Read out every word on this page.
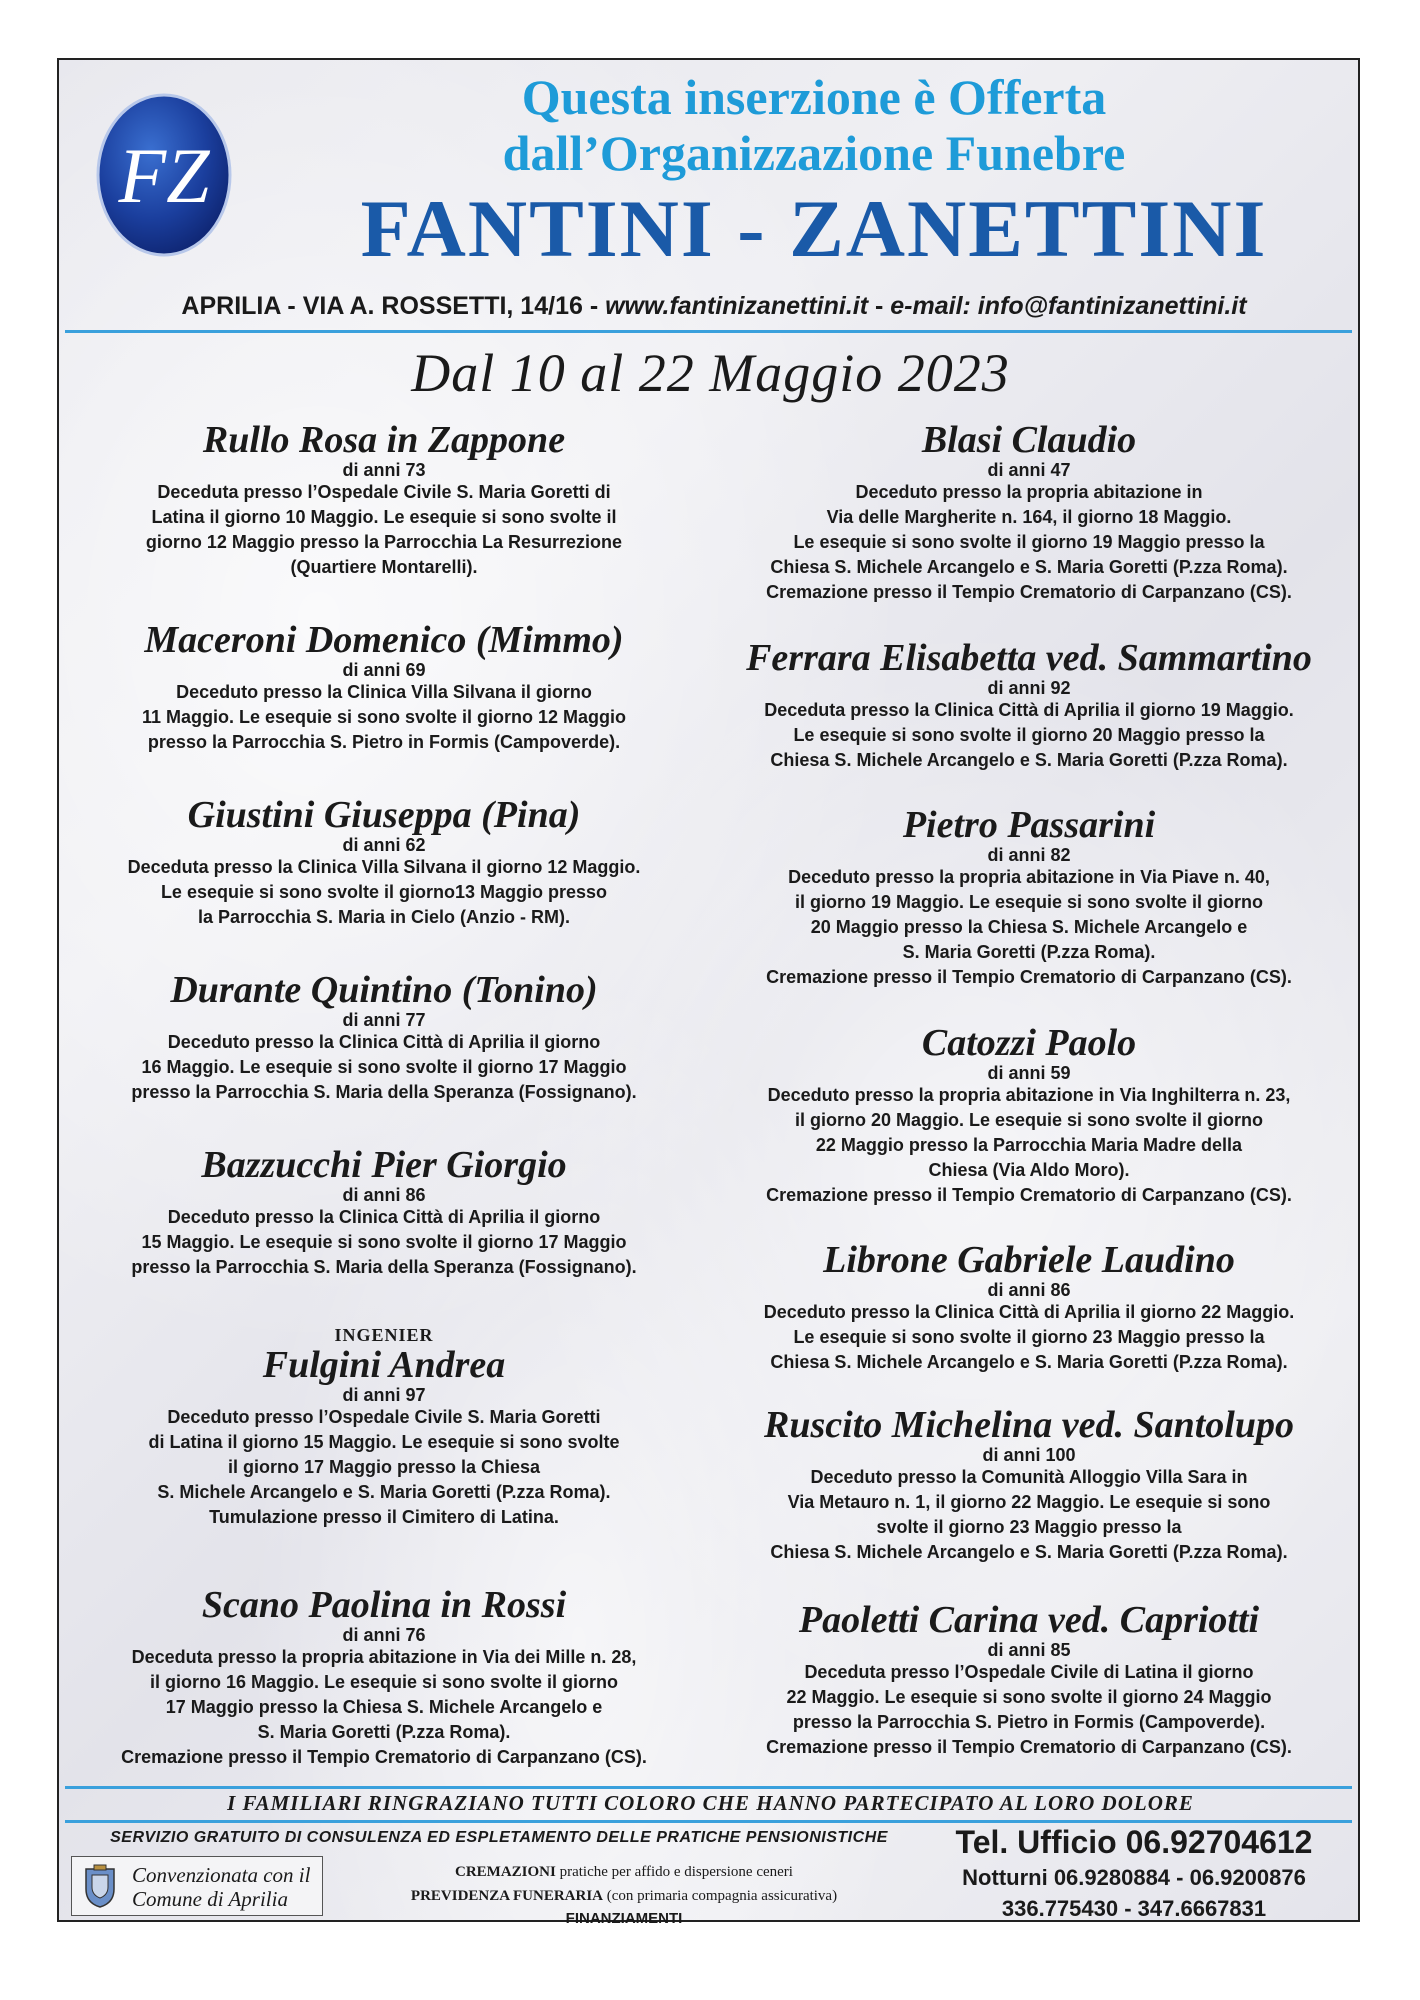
FZ
Questa inserzione è Offerta
dall’Organizzazione Funebre
FANTINI - ZANETTINI
APRILIA - VIA A. ROSSETTI, 14/16 - www.fantinizanettini.it - e-mail: info@fantinizanettini.it
Dal 10 al 22 Maggio 2023
Rullo Rosa in Zappone
di anni 73
Deceduta presso l’Ospedale Civile S. Maria Goretti di
Latina il giorno 10 Maggio. Le esequie si sono svolte il
giorno 12 Maggio presso la Parrocchia La Resurrezione
(Quartiere Montarelli).
Maceroni Domenico (Mimmo)
di anni 69
Deceduto presso la Clinica Villa Silvana il giorno
11 Maggio. Le esequie si sono svolte il giorno 12 Maggio
presso la Parrocchia S. Pietro in Formis (Campoverde).
Giustini Giuseppa (Pina)
di anni 62
Deceduta presso la Clinica Villa Silvana il giorno 12 Maggio.
Le esequie si sono svolte il giorno13 Maggio presso
la Parrocchia S. Maria in Cielo (Anzio - RM).
Durante Quintino (Tonino)
di anni 77
Deceduto presso la Clinica Città di Aprilia il giorno
16 Maggio. Le esequie si sono svolte il giorno 17 Maggio
presso la Parrocchia S. Maria della Speranza (Fossignano).
Bazzucchi Pier Giorgio
di anni 86
Deceduto presso la Clinica Città di Aprilia il giorno
15 Maggio. Le esequie si sono svolte il giorno 17 Maggio
presso la Parrocchia S. Maria della Speranza (Fossignano).
INGENIER
Fulgini Andrea
di anni 97
Deceduto presso l’Ospedale Civile S. Maria Goretti
di Latina il giorno 15 Maggio. Le esequie si sono svolte
il giorno 17 Maggio presso la Chiesa
S. Michele Arcangelo e S. Maria Goretti (P.zza Roma).
Tumulazione presso il Cimitero di Latina.
Scano Paolina in Rossi
di anni 76
Deceduta presso la propria abitazione in Via dei Mille n. 28,
il giorno 16 Maggio. Le esequie si sono svolte il giorno
17 Maggio presso la Chiesa S. Michele Arcangelo e
S. Maria Goretti (P.zza Roma).
Cremazione presso il Tempio Crematorio di Carpanzano (CS).
Blasi Claudio
di anni 47
Deceduto presso la propria abitazione in
Via delle Margherite n. 164, il giorno 18 Maggio.
Le esequie si sono svolte il giorno 19 Maggio presso la
Chiesa S. Michele Arcangelo e S. Maria Goretti (P.zza Roma).
Cremazione presso il Tempio Crematorio di Carpanzano (CS).
Ferrara Elisabetta ved. Sammartino
di anni 92
Deceduta presso la Clinica Città di Aprilia il giorno 19 Maggio.
Le esequie si sono svolte il giorno 20 Maggio presso la
Chiesa S. Michele Arcangelo e S. Maria Goretti (P.zza Roma).
Pietro Passarini
di anni 82
Deceduto presso la propria abitazione in Via Piave n. 40,
il giorno 19 Maggio. Le esequie si sono svolte il giorno
20 Maggio presso la Chiesa S. Michele Arcangelo e
S. Maria Goretti (P.zza Roma).
Cremazione presso il Tempio Crematorio di Carpanzano (CS).
Catozzi Paolo
di anni 59
Deceduto presso la propria abitazione in Via Inghilterra n. 23,
il giorno 20 Maggio. Le esequie si sono svolte il giorno
22 Maggio presso la Parrocchia Maria Madre della
Chiesa (Via Aldo Moro).
Cremazione presso il Tempio Crematorio di Carpanzano (CS).
Librone Gabriele Laudino
di anni 86
Deceduto presso la Clinica Città di Aprilia il giorno 22 Maggio.
Le esequie si sono svolte il giorno 23 Maggio presso la
Chiesa S. Michele Arcangelo e S. Maria Goretti (P.zza Roma).
Ruscito Michelina ved. Santolupo
di anni 100
Deceduto presso la Comunità Alloggio Villa Sara in
Via Metauro n. 1, il giorno 22 Maggio. Le esequie si sono
svolte il giorno 23 Maggio presso la
Chiesa S. Michele Arcangelo e S. Maria Goretti (P.zza Roma).
Paoletti Carina ved. Capriotti
di anni 85
Deceduta presso l’Ospedale Civile di Latina il giorno
22 Maggio. Le esequie si sono svolte il giorno 24 Maggio
presso la Parrocchia S. Pietro in Formis (Campoverde).
Cremazione presso il Tempio Crematorio di Carpanzano (CS).
I FAMILIARI RINGRAZIANO TUTTI COLORO CHE HANNO PARTECIPATO AL LORO DOLORE
SERVIZIO GRATUITO DI CONSULENZA ED ESPLETAMENTO DELLE PRATICHE PENSIONISTICHE
Convenzionata con il
Comune di Aprilia
CREMAZIONI pratiche per affido e dispersione ceneri
PREVIDENZA FUNERARIA (con primaria compagnia assicurativa)
FINANZIAMENTI
Tel. Ufficio 06.92704612
Notturni 06.9280884 - 06.9200876
336.775430 - 347.6667831
